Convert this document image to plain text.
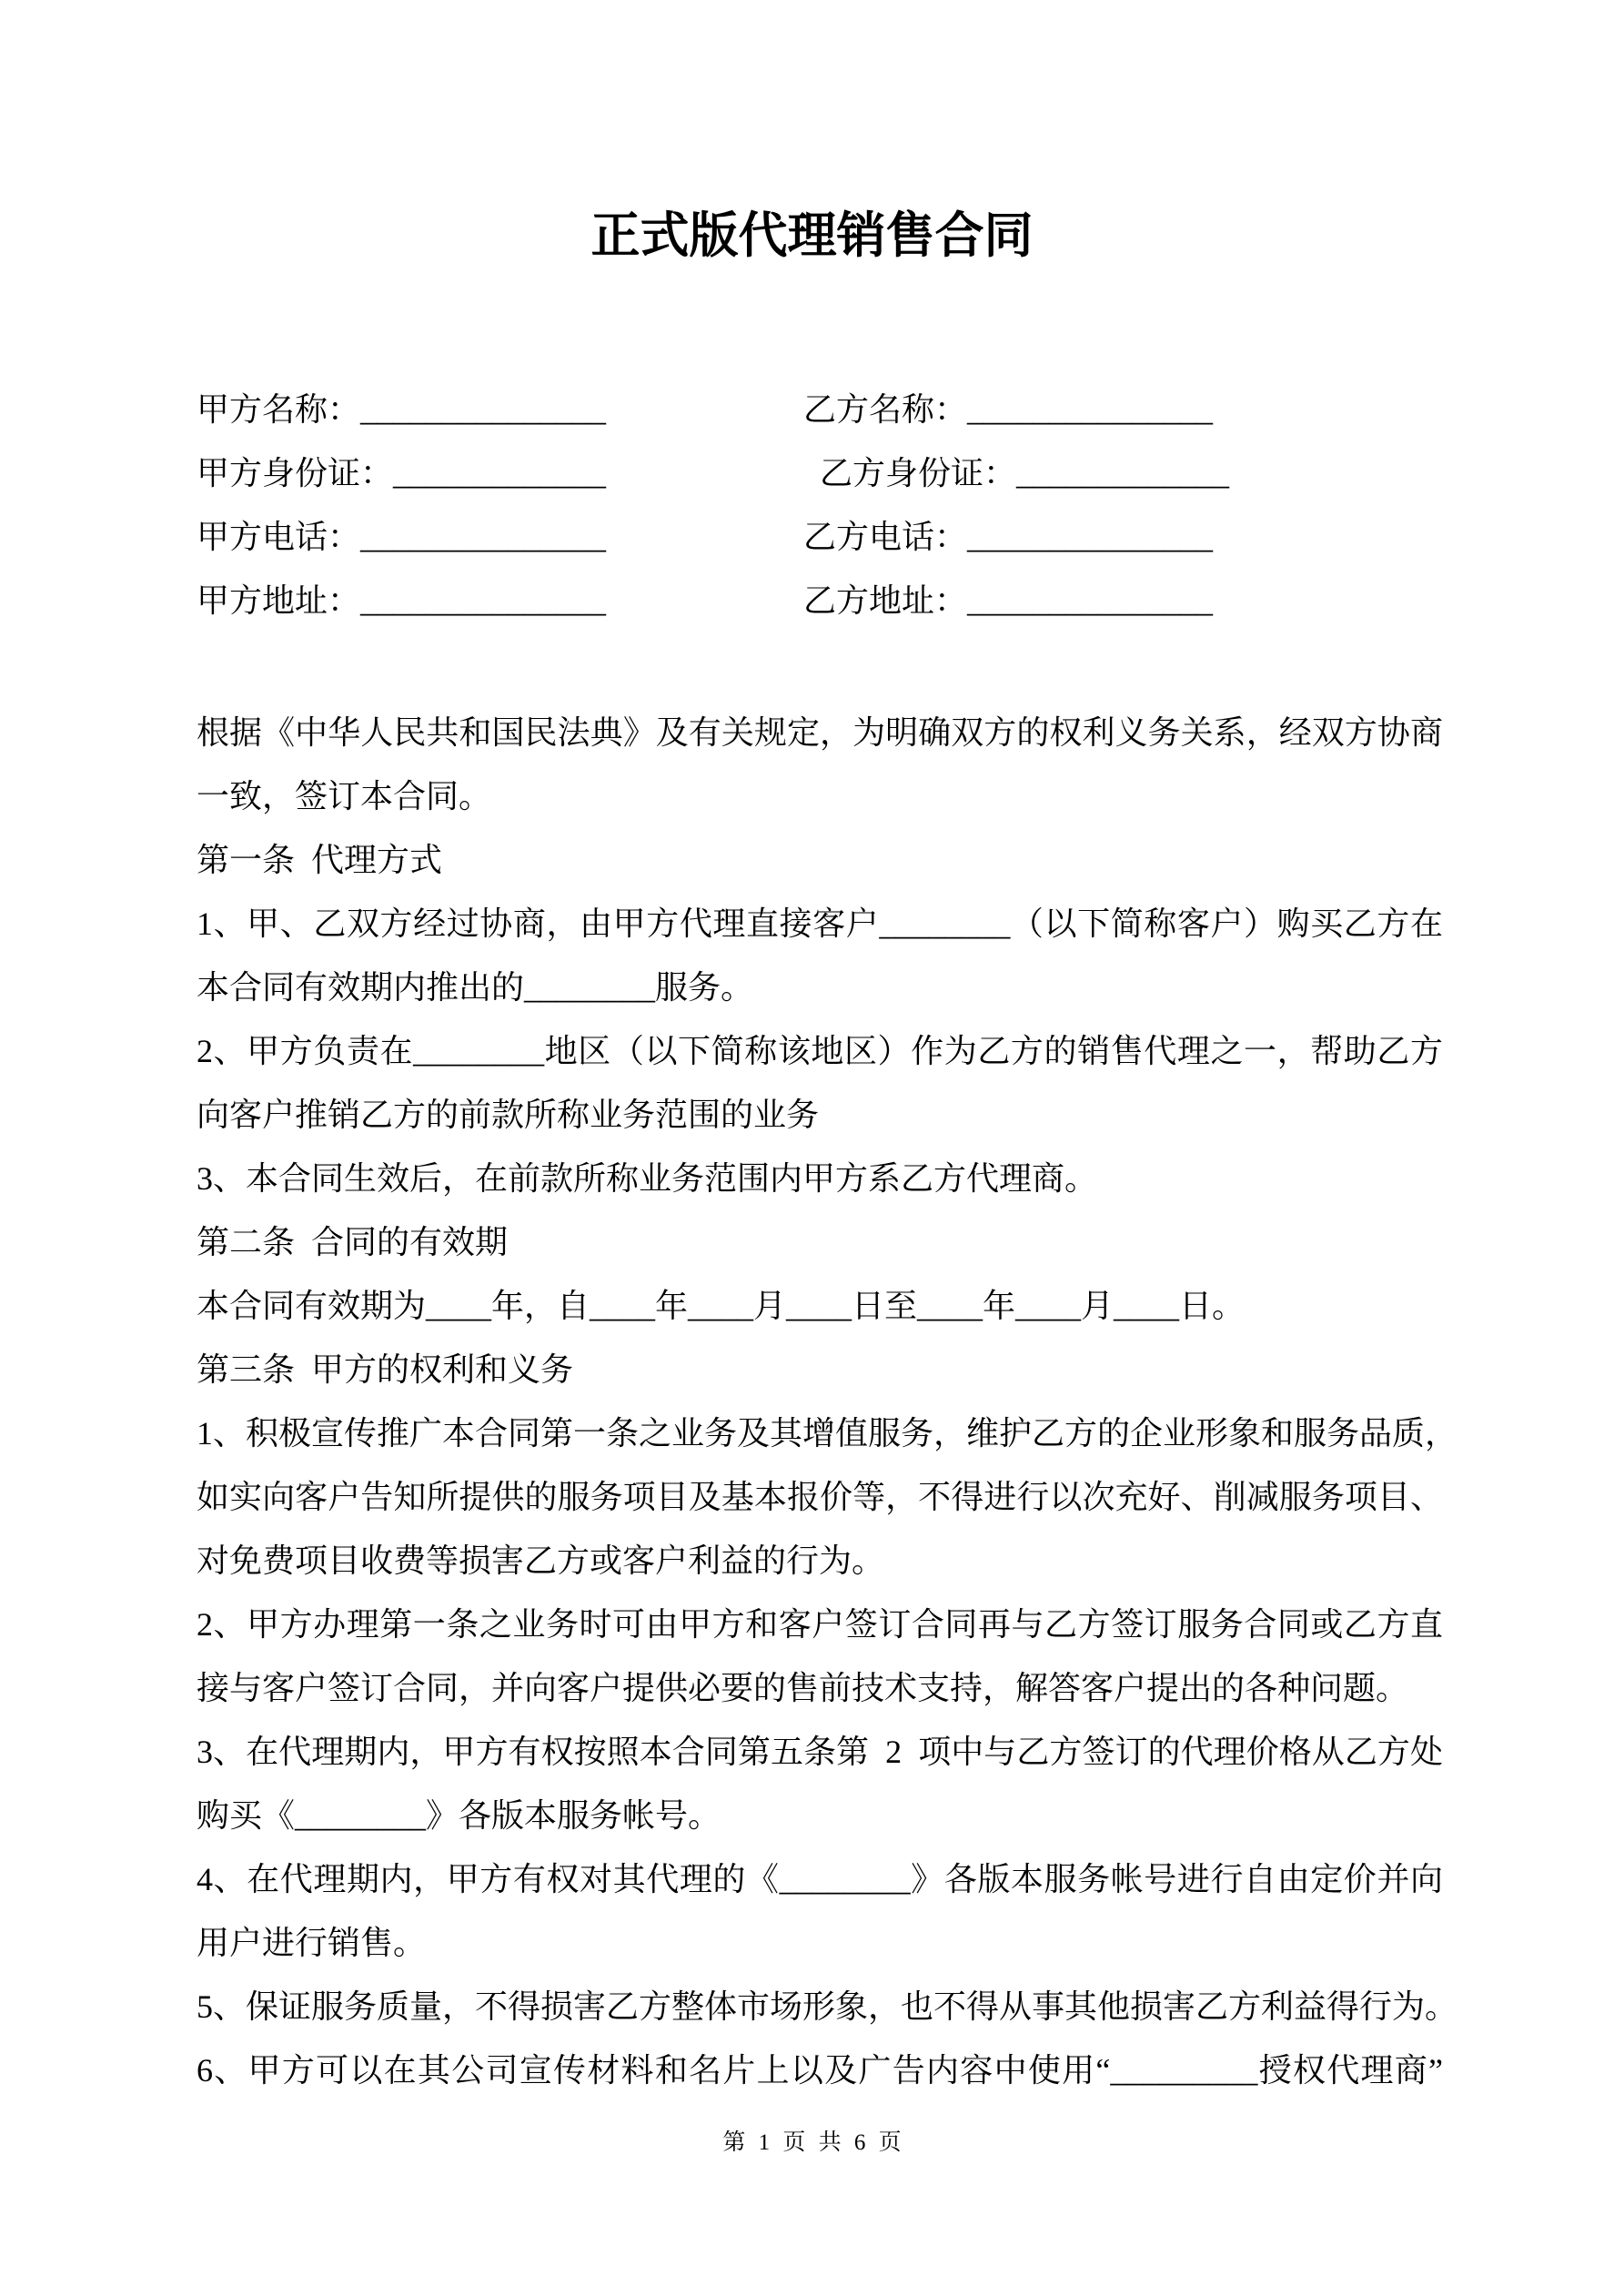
正式版代理销售合同
甲方名称：_______________
甲方身份证：_____________
甲方电话：_______________
甲方地址：_______________
乙方名称：_______________
乙方身份证：_____________
乙方电话：_______________
乙方地址：_______________
根据《中华人民共和国民法典》及有关规定，为明确双方的权利义务关系，经双方协商
一致，签订本合同。
第一条 代理方式
1、甲、乙双方经过协商，由甲方代理直接客户________（以下简称客户）购买乙方在
本合同有效期内推出的________服务。
2、甲方负责在________地区（以下简称该地区）作为乙方的销售代理之一，帮助乙方
向客户推销乙方的前款所称业务范围的业务
3、本合同生效后，在前款所称业务范围内甲方系乙方代理商。
第二条 合同的有效期
本合同有效期为____年，自____年____月____日至____年____月____日。
第三条 甲方的权利和义务
1、积极宣传推广本合同第一条之业务及其增值服务，维护乙方的企业形象和服务品质，
如实向客户告知所提供的服务项目及基本报价等，不得进行以次充好、削减服务项目、
对免费项目收费等损害乙方或客户利益的行为。
2、甲方办理第一条之业务时可由甲方和客户签订合同再与乙方签订服务合同或乙方直
接与客户签订合同，并向客户提供必要的售前技术支持，解答客户提出的各种问题。
3、在代理期内，甲方有权按照本合同第五条第 2 项中与乙方签订的代理价格从乙方处
购买《________》各版本服务帐号。
4、在代理期内，甲方有权对其代理的《________》各版本服务帐号进行自由定价并向
用户进行销售。
5、保证服务质量，不得损害乙方整体市场形象，也不得从事其他损害乙方利益得行为。
6、甲方可以在其公司宣传材料和名片上以及广告内容中使用“_________授权代理商”
第 1 页 共 6 页
